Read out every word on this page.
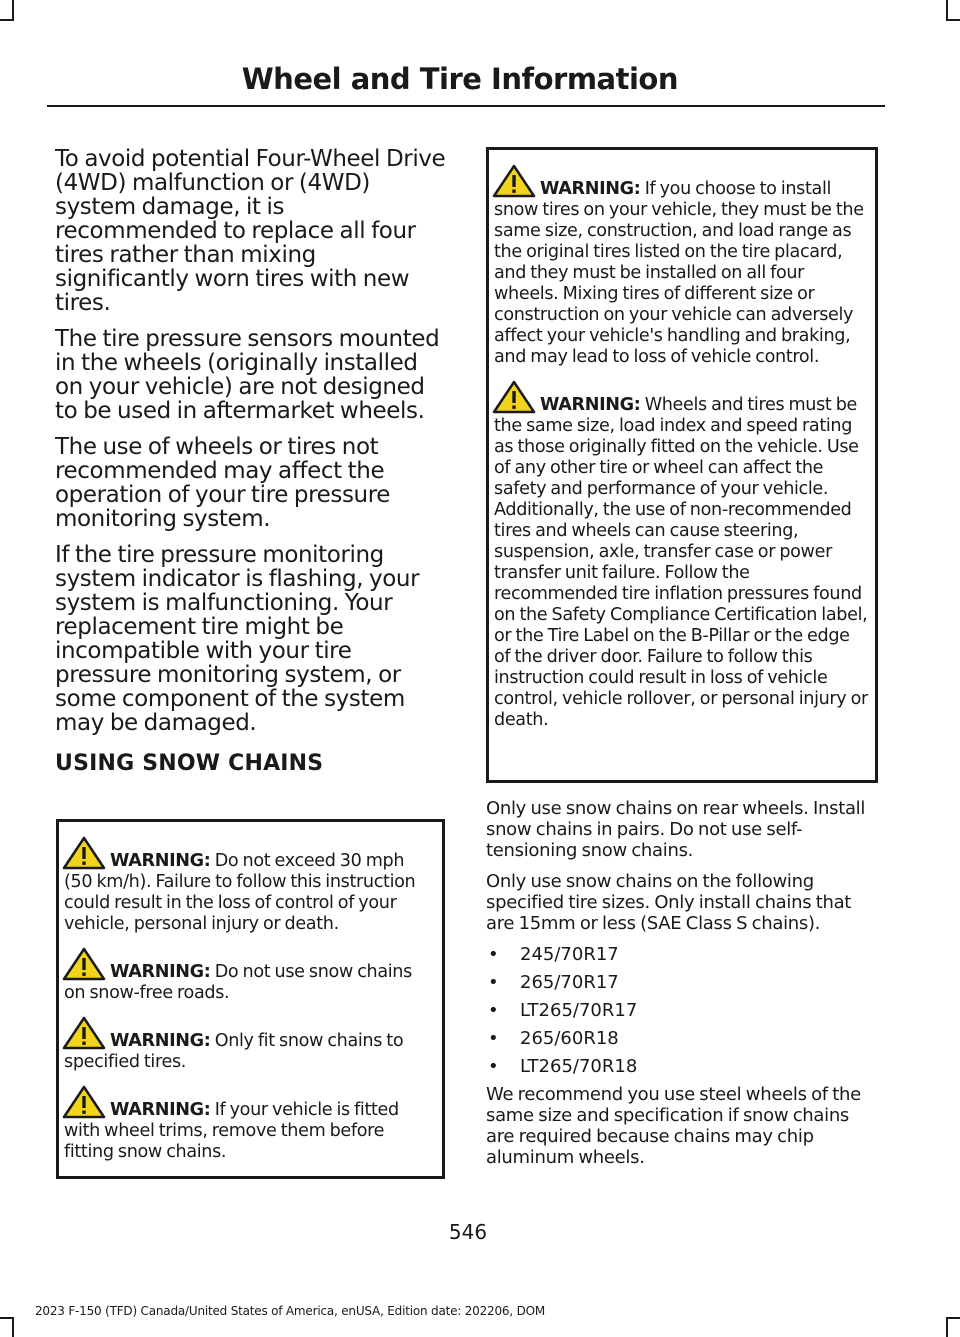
Wheel and Tire Information

To avoid potential Four-Wheel Drive (4WD) malfunction or (4WD) system damage, it is recommended to replace all four tires rather than mixing significantly worn tires with new tires.

The tire pressure sensors mounted in the wheels (originally installed on your vehicle) are not designed to be used in aftermarket wheels.

The use of wheels or tires not recommended may affect the operation of your tire pressure monitoring system.

If the tire pressure monitoring system indicator is flashing, your system is malfunctioning. Your replacement tire might be incompatible with your tire pressure monitoring system, or some component of the system may be damaged.

USING SNOW CHAINS

WARNING: Do not exceed 30 mph (50 km/h). Failure to follow this instruction could result in the loss of control of your vehicle, personal injury or death.

WARNING: Do not use snow chains on snow-free roads.

WARNING: Only fit snow chains to specified tires.

WARNING: If your vehicle is fitted with wheel trims, remove them before fitting snow chains.

WARNING: If you choose to install snow tires on your vehicle, they must be the same size, construction, and load range as the original tires listed on the tire placard, and they must be installed on all four wheels. Mixing tires of different size or construction on your vehicle can adversely affect your vehicle's handling and braking, and may lead to loss of vehicle control.

WARNING: Wheels and tires must be the same size, load index and speed rating as those originally fitted on the vehicle. Use of any other tire or wheel can affect the safety and performance of your vehicle. Additionally, the use of non-recommended tires and wheels can cause steering, suspension, axle, transfer case or power transfer unit failure. Follow the recommended tire inflation pressures found on the Safety Compliance Certification label, or the Tire Label on the B-Pillar or the edge of the driver door. Failure to follow this instruction could result in loss of vehicle control, vehicle rollover, or personal injury or death.

Only use snow chains on rear wheels. Install snow chains in pairs. Do not use self-tensioning snow chains.

Only use snow chains on the following specified tire sizes. Only install chains that are 15mm or less (SAE Class S chains).

• 245/70R17
• 265/70R17
• LT265/70R17
• 265/60R18
• LT265/70R18

We recommend you use steel wheels of the same size and specification if snow chains are required because chains may chip aluminum wheels.

546
2023 F-150 (TFD) Canada/United States of America, enUSA, Edition date: 202206, DOM
